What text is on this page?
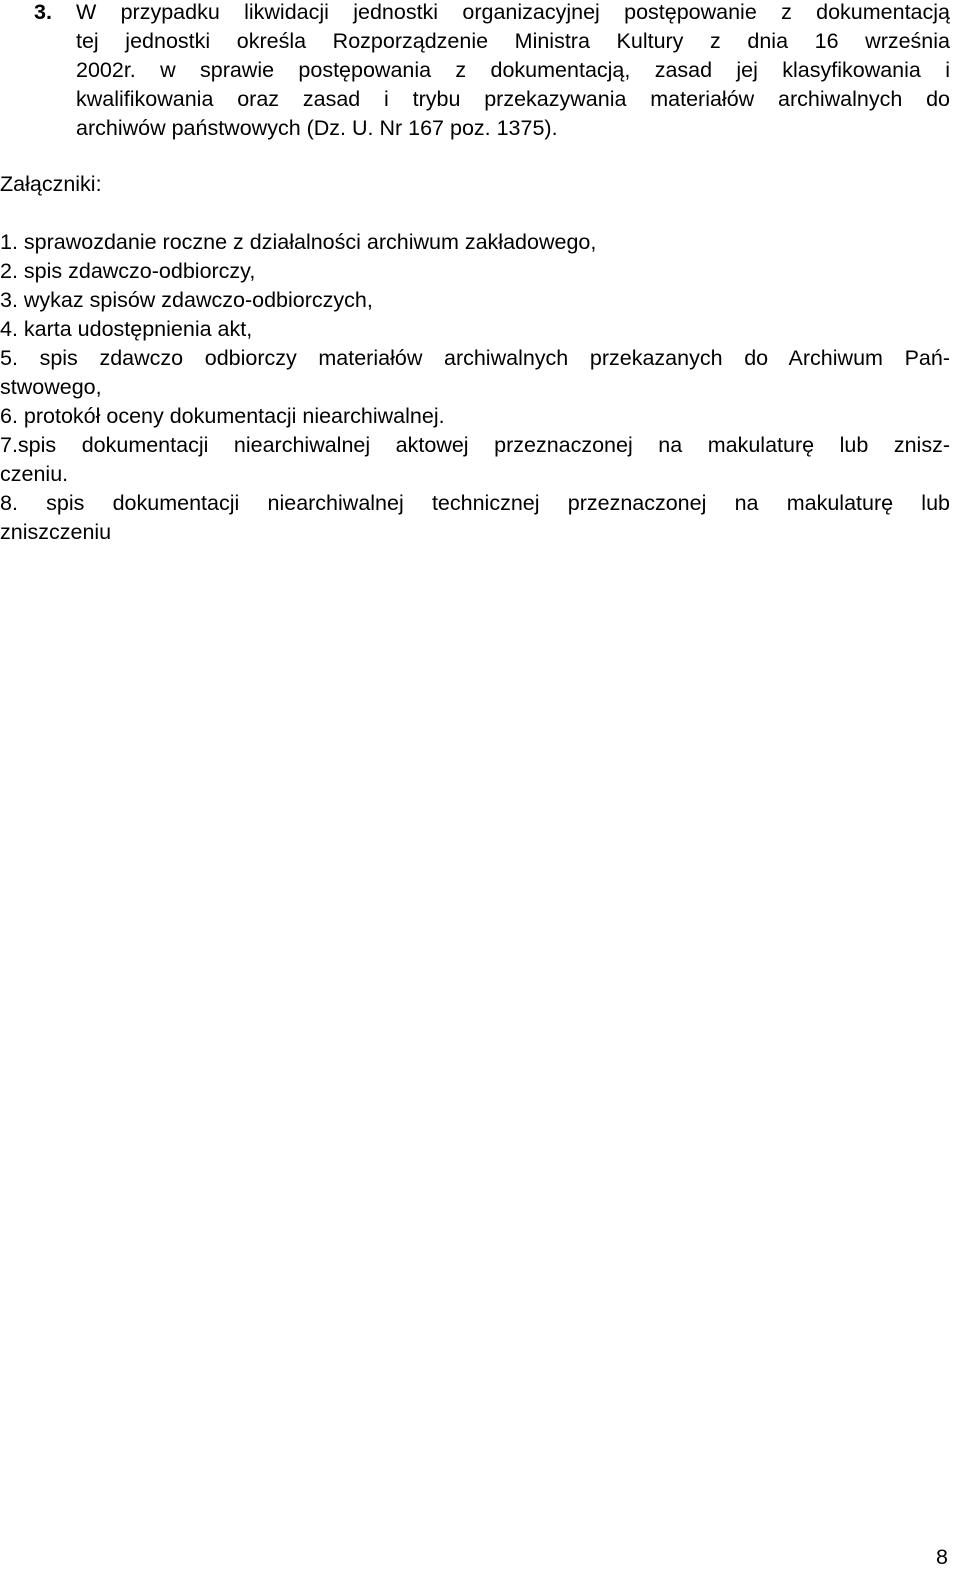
3. W przypadku likwidacji jednostki organizacyjnej postępowanie z dokumentacją
tej jednostki określa Rozporządzenie Ministra Kultury z dnia 16 września
2002r. w sprawie postępowania z dokumentacją, zasad jej klasyfikowania i
kwalifikowania oraz zasad i trybu przekazywania materiałów archiwalnych do
archiwów państwowych (Dz. U. Nr 167 poz. 1375).
Załączniki:
1. sprawozdanie roczne z działalności archiwum zakładowego,
2. spis zdawczo-odbiorczy,
3. wykaz spisów zdawczo-odbiorczych,
4. karta udostępnienia akt,
5. spis zdawczo odbiorczy materiałów archiwalnych przekazanych do Archiwum Pań-
stwowego,
6. protokół oceny dokumentacji niearchiwalnej.
7.spis dokumentacji niearchiwalnej aktowej przeznaczonej na makulaturę lub znisz-
czeniu.
8. spis dokumentacji niearchiwalnej technicznej przeznaczonej na makulaturę lub
zniszczeniu
8
